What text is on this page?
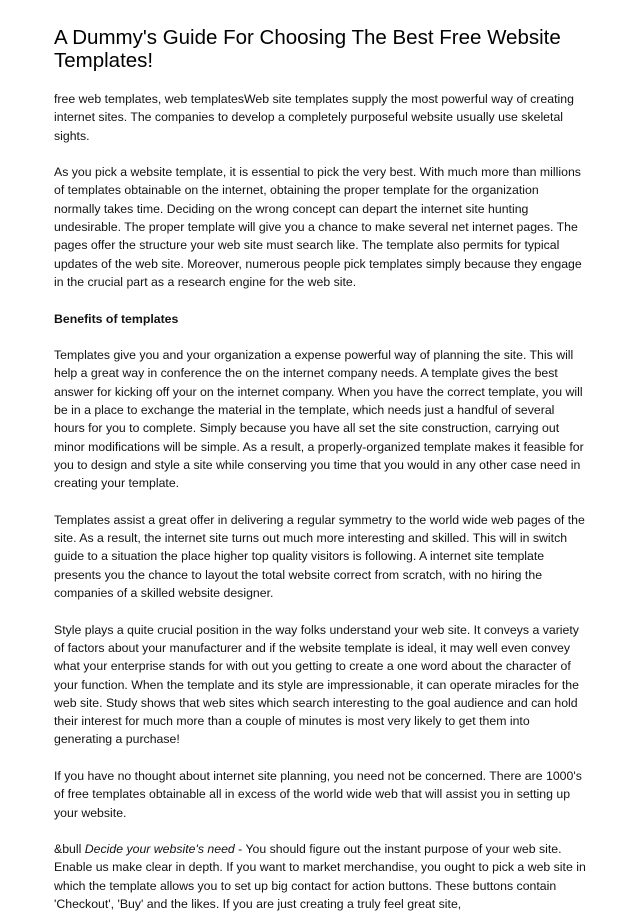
A Dummy's Guide For Choosing The Best Free Website Templates!

free web templates, web templatesWeb site templates supply the most powerful way of creating internet sites. The companies to develop a completely purposeful website usually use skeletal sights.

As you pick a website template, it is essential to pick the very best. With much more than millions of templates obtainable on the internet, obtaining the proper template for the organization normally takes time. Deciding on the wrong concept can depart the internet site hunting undesirable. The proper template will give you a chance to make several net internet pages. The pages offer the structure your web site must search like. The template also permits for typical updates of the web site. Moreover, numerous people pick templates simply because they engage in the crucial part as a research engine for the web site.

Benefits of templates

Templates give you and your organization a expense powerful way of planning the site. This will help a great way in conference the on the internet company needs. A template gives the best answer for kicking off your on the internet company. When you have the correct template, you will be in a place to exchange the material in the template, which needs just a handful of several hours for you to complete. Simply because you have all set the site construction, carrying out minor modifications will be simple. As a result, a properly-organized template makes it feasible for you to design and style a site while conserving you time that you would in any other case need in creating your template.

Templates assist a great offer in delivering a regular symmetry to the world wide web pages of the site. As a result, the internet site turns out much more interesting and skilled. This will in switch guide to a situation the place higher top quality visitors is following. A internet site template presents you the chance to layout the total website correct from scratch, with no hiring the companies of a skilled website designer.

Style plays a quite crucial position in the way folks understand your web site. It conveys a variety of factors about your manufacturer and if the website template is ideal, it may well even convey what your enterprise stands for with out you getting to create a one word about the character of your function. When the template and its style are impressionable, it can operate miracles for the web site. Study shows that web sites which search interesting to the goal audience and can hold their interest for much more than a couple of minutes is most very likely to get them into generating a purchase!

If you have no thought about internet site planning, you need not be concerned. There are 1000's of free templates obtainable all in excess of the world wide web that will assist you in setting up your website.

&bull Decide your website's need - You should figure out the instant purpose of your web site. Enable us make clear in depth. If you want to market merchandise, you ought to pick a web site in which the template allows you to set up big contact for action buttons. These buttons contain 'Checkout', 'Buy' and the likes. If you are just creating a truly feel great site,
